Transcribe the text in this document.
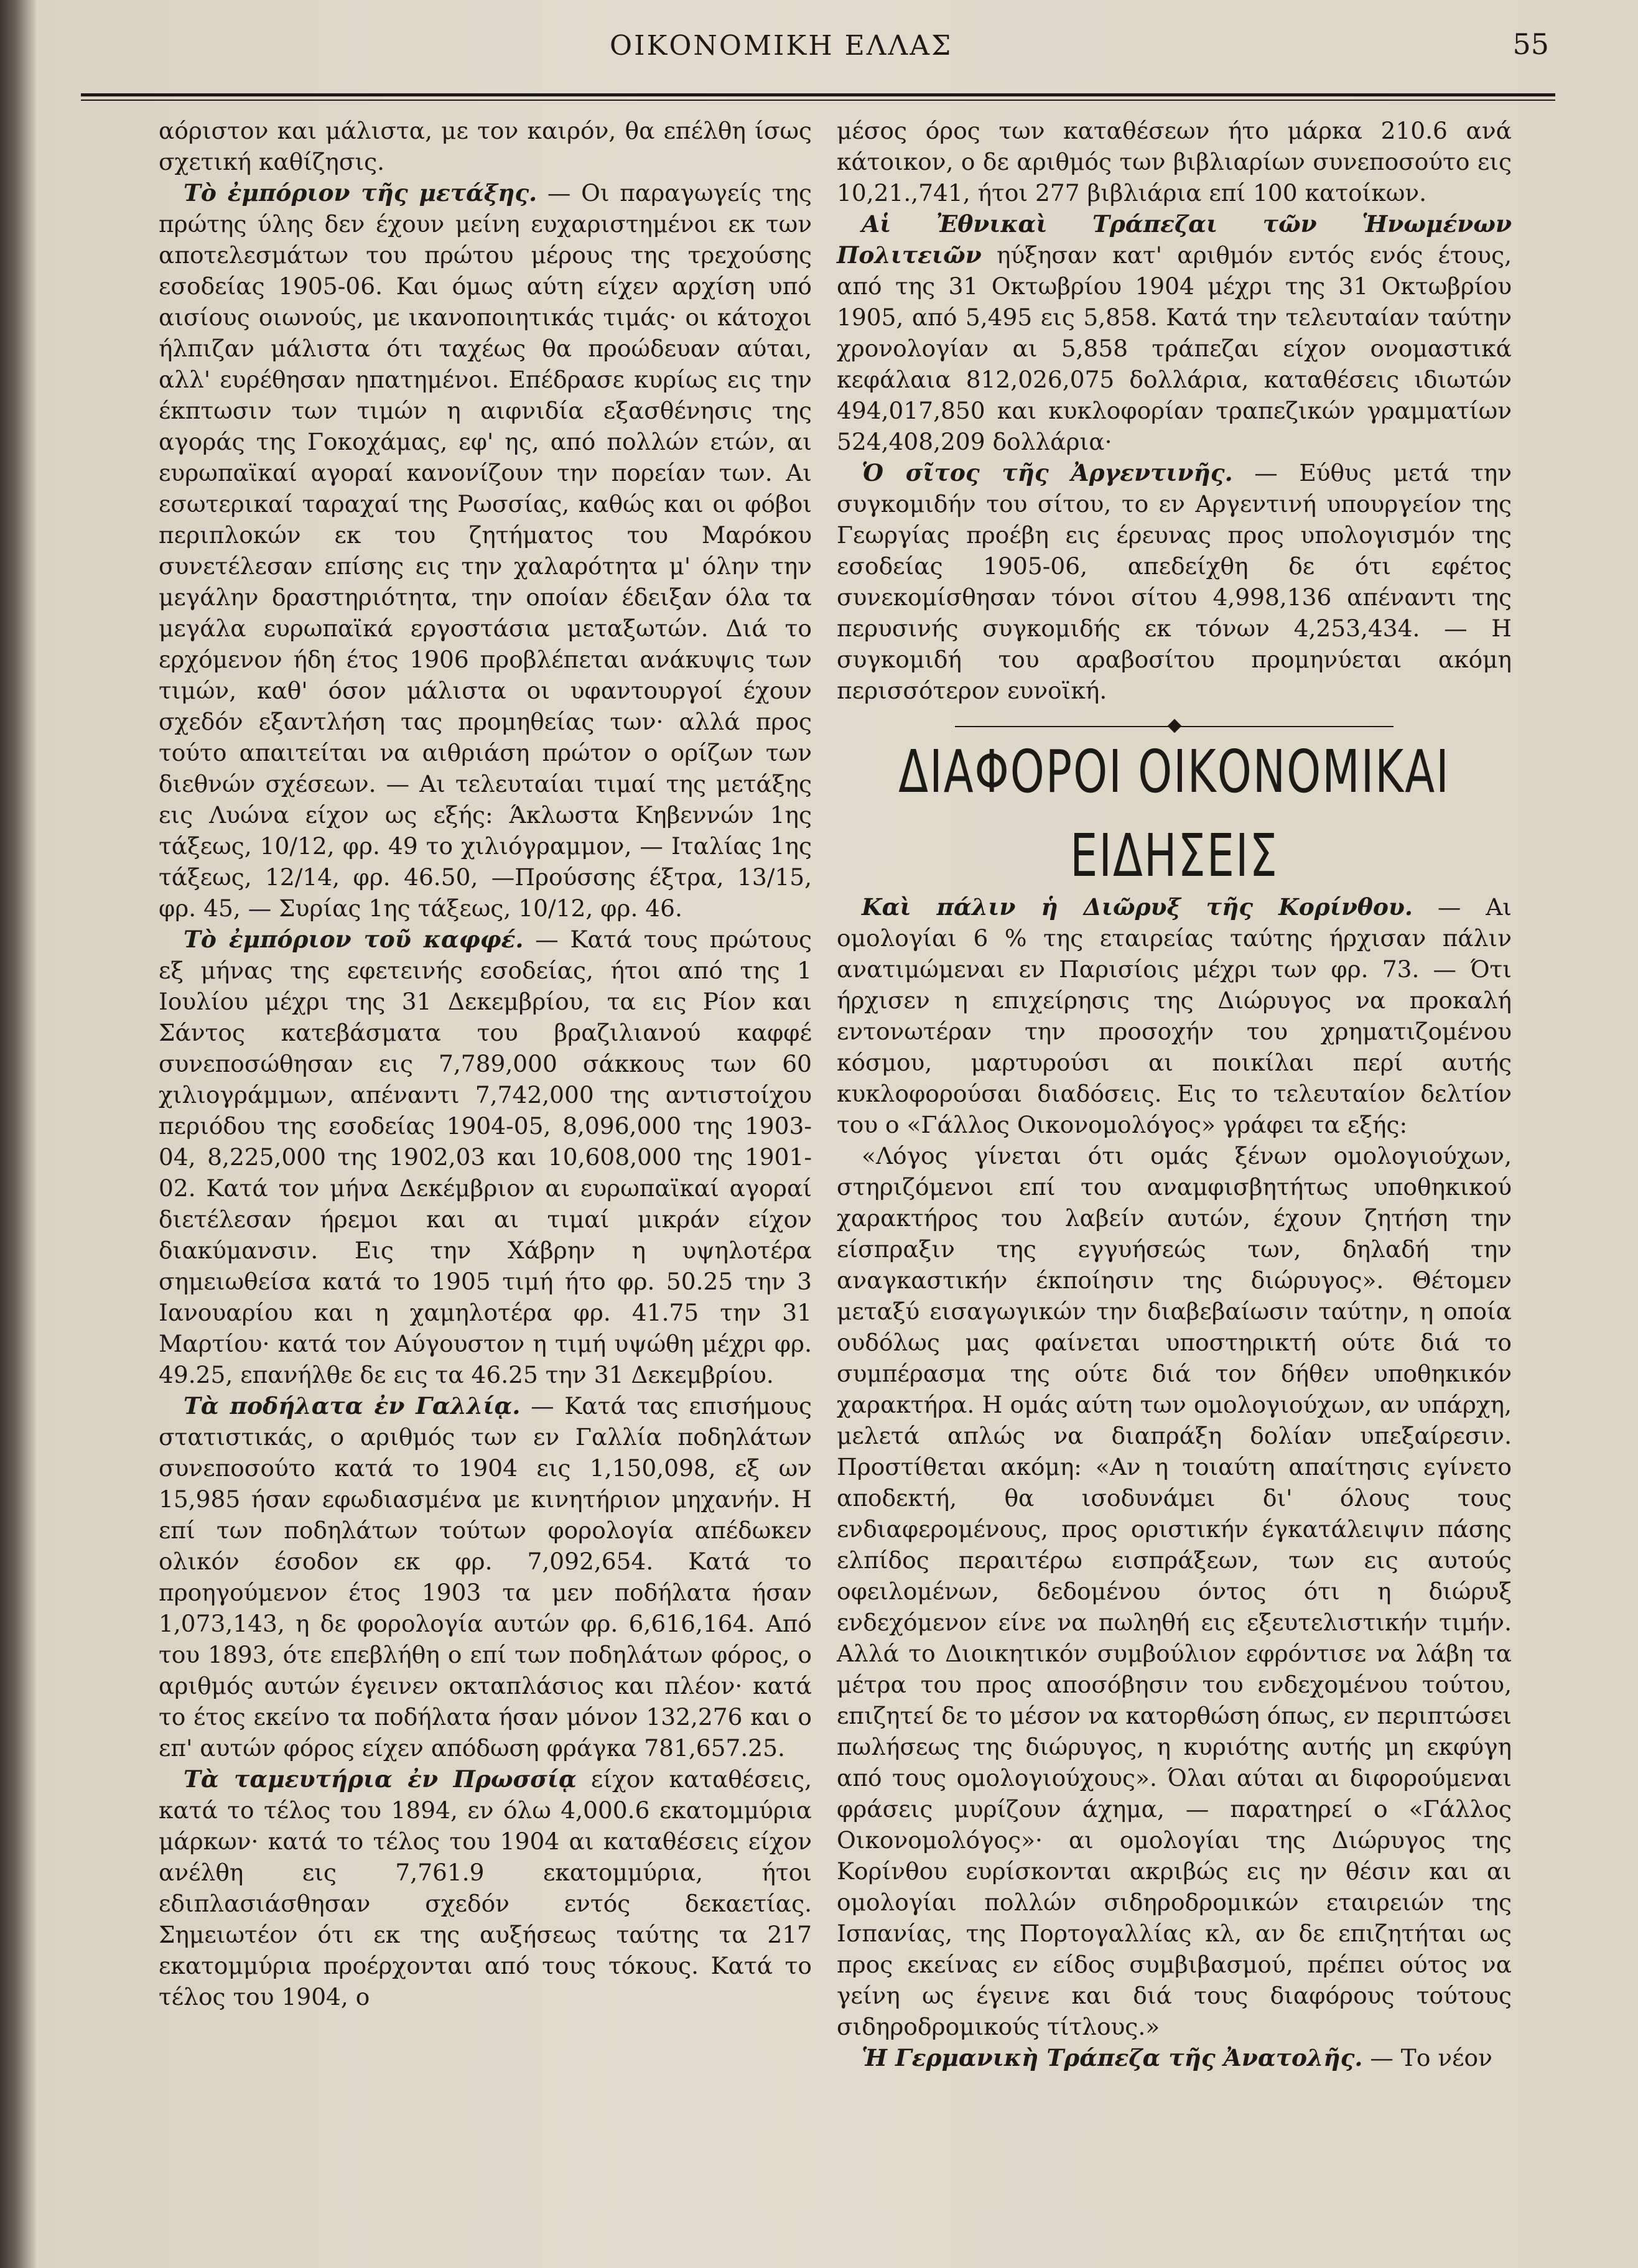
ΟΙΚΟΝΟΜΙΚΗ ΕΛΛΑΣ	55

αόριστον και μάλιστα, με τον καιρόν, θα επέλθη ίσως σχετική καθίζησις.

Τὸ ἐμπόριον τῆς μετάξης. — Οι παραγωγείς της πρώτης ύλης δεν έχουν μείνη ευχαριστημένοι εκ των αποτελεσμάτων του πρώτου μέρους της τρεχούσης εσοδείας 1905-06. Και όμως αύτη είχεν αρχίση υπό αισίους οιωνούς, με ικανοποιητικάς τιμάς· οι κάτοχοι ήλπιζαν μάλιστα ότι ταχέως θα προώδευαν αύται, αλλ' ευρέθησαν ηπατημένοι. Επέδρασε κυρίως εις την έκπτωσιν των τιμών η αιφνιδία εξασθένησις της αγοράς της Γοκοχάμας, εφ' ης, από πολλών ετών, αι ευρωπαϊκαί αγοραί κανονίζουν την πορείαν των. Αι εσωτερικαί ταραχαί της Ρωσσίας, καθώς και οι φόβοι περιπλοκών εκ του ζητήματος του Μαρόκου συνετέλεσαν επίσης εις την χαλαρότητα μ' όλην την μεγάλην δραστηριότητα, την οποίαν έδειξαν όλα τα μεγάλα ευρωπαϊκά εργοστάσια μεταξωτών. Διά το ερχόμενον ήδη έτος 1906 προβλέπεται ανάκυψις των τιμών, καθ' όσον μάλιστα οι υφαντουργοί έχουν σχεδόν εξαντλήση τας προμηθείας των· αλλά προς τούτο απαιτείται να αιθριάση πρώτον ο ορίζων των διεθνών σχέσεων. — Αι τελευταίαι τιμαί της μετάξης εις Λυώνα είχον ως εξής: Άκλωστα Κηβεννών 1ης τάξεως, 10/12, φρ. 49 το χιλιόγραμμον, — Ιταλίας 1ης τάξεως, 12/14, φρ. 46.50, —Προύσσης έξτρα, 13/15, φρ. 45, — Συρίας 1ης τάξεως, 10/12, φρ. 46.

Τὸ ἐμπόριον τοῦ καφφέ. — Κατά τους πρώτους εξ μήνας της εφετεινής εσοδείας, ήτοι από της 1 Ιουλίου μέχρι της 31 Δεκεμβρίου, τα εις Ρίον και Σάντος κατεβάσματα του βραζιλιανού καφφέ συνεποσώθησαν εις 7,789,000 σάκκους των 60 χιλιογράμμων, απέναντι 7,742,000 της αντιστοίχου περιόδου της εσοδείας 1904-05, 8,096,000 της 1903-04, 8,225,000 της 1902,03 και 10,608,000 της 1901-02. Κατά τον μήνα Δεκέμβριον αι ευρωπαϊκαί αγοραί διετέλεσαν ήρεμοι και αι τιμαί μικράν είχον διακύμανσιν. Εις την Χάβρην η υψηλοτέρα σημειωθείσα κατά το 1905 τιμή ήτο φρ. 50.25 την 3 Ιανουαρίου και η χαμηλοτέρα φρ. 41.75 την 31 Μαρτίου· κατά τον Αύγουστον η τιμή υψώθη μέχρι φρ. 49.25, επανήλθε δε εις τα 46.25 την 31 Δεκεμβρίου.

Τὰ ποδήλατα ἐν Γαλλίᾳ. — Κατά τας επισήμους στατιστικάς, ο αριθμός των εν Γαλλία ποδηλάτων συνεποσούτο κατά το 1904 εις 1,150,098, εξ ων 15,985 ήσαν εφωδιασμένα με κινητήριον μηχανήν. Η επί των ποδηλάτων τούτων φορολογία απέδωκεν ολικόν έσοδον εκ φρ. 7,092,654. Κατά το προηγούμενον έτος 1903 τα μεν ποδήλατα ήσαν 1,073,143, η δε φορολογία αυτών φρ. 6,616,164. Από του 1893, ότε επεβλήθη ο επί των ποδηλάτων φόρος, ο αριθμός αυτών έγεινεν οκταπλάσιος και πλέον· κατά το έτος εκείνο τα ποδήλατα ήσαν μόνον 132,276 και ο επ' αυτών φόρος είχεν απόδωση φράγκα 781,657.25.

Τὰ ταμευτήρια ἐν Πρωσσίᾳ είχον καταθέσεις, κατά το τέλος του 1894, εν όλω 4,000.6 εκατομμύρια μάρκων· κατά το τέλος του 1904 αι καταθέσεις είχον ανέλθη εις 7,761.9 εκατομμύρια, ήτοι εδιπλασιάσθησαν σχεδόν εντός δεκαετίας. Σημειωτέον ότι εκ της αυξήσεως ταύτης τα 217 εκατομμύρια προέρχονται από τους τόκους. Κατά το τέλος του 1904, ο

μέσος όρος των καταθέσεων ήτο μάρκα 210.6 ανά κάτοικον, ο δε αριθμός των βιβλιαρίων συνεποσούτο εις 10,21.,741, ήτοι 277 βιβλιάρια επί 100 κατοίκων.

Αἱ Ἐθνικαὶ Τράπεζαι τῶν Ἡνωμένων Πολιτειῶν ηύξησαν κατ' αριθμόν εντός ενός έτους, από της 31 Οκτωβρίου 1904 μέχρι της 31 Οκτωβρίου 1905, από 5,495 εις 5,858. Κατά την τελευταίαν ταύτην χρονολογίαν αι 5,858 τράπεζαι είχον ονομαστικά κεφάλαια 812,026,075 δολλάρια, καταθέσεις ιδιωτών 494,017,850 και κυκλοφορίαν τραπεζικών γραμματίων 524,408,209 δολλάρια·

Ὁ σῖτος τῆς Ἀργεντινῆς. — Εύθυς μετά την συγκομιδήν του σίτου, το εν Αργεντινή υπουργείον της Γεωργίας προέβη εις έρευνας προς υπολογισμόν της εσοδείας 1905-06, απεδείχθη δε ότι εφέτος συνεκομίσθησαν τόνοι σίτου 4,998,136 απέναντι της περυσινής συγκομιδής εκ τόνων 4,253,434. — Η συγκομιδή του αραβοσίτου προμηνύεται ακόμη περισσότερον ευνοϊκή.

ΔΙΑΦΟΡΟΙ ΟΙΚΟΝΟΜΙΚΑΙ ΕΙΔΗΣΕΙΣ

Καὶ πάλιν ἡ Διῶρυξ τῆς Κορίνθου. — Αι ομολογίαι 6 % της εταιρείας ταύτης ήρχισαν πάλιν ανατιμώμεναι εν Παρισίοις μέχρι των φρ. 73. — Ότι ήρχισεν η επιχείρησις της Διώρυγος να προκαλή εντονωτέραν την προσοχήν του χρηματιζομένου κόσμου, μαρτυρούσι αι ποικίλαι περί αυτής κυκλοφορούσαι διαδόσεις. Εις το τελευταίον δελτίον του ο «Γάλλος Οικονομολόγος» γράφει τα εξής:

«Λόγος γίνεται ότι ομάς ξένων ομολογιούχων, στηριζόμενοι επί του αναμφισβητήτως υποθηκικού χαρακτήρος του λαβείν αυτών, έχουν ζητήση την είσπραξιν της εγγυήσεώς των, δηλαδή την αναγκαστικήν έκποίησιν της διώρυγος». Θέτομεν μεταξύ εισαγωγικών την διαβεβαίωσιν ταύτην, η οποία ουδόλως μας φαίνεται υποστηρικτή ούτε διά το συμπέρασμα της ούτε διά τον δήθεν υποθηκικόν χαρακτήρα. Η ομάς αύτη των ομολογιούχων, αν υπάρχη, μελετά απλώς να διαπράξη δολίαν υπεξαίρεσιν. Προστίθεται ακόμη: «Αν η τοιαύτη απαίτησις εγίνετο αποδεκτή, θα ισοδυνάμει δι' όλους τους ενδιαφερομένους, προς οριστικήν έγκατάλειψιν πάσης ελπίδος περαιτέρω εισπράξεων, των εις αυτούς οφειλομένων, δεδομένου όντος ότι η διώρυξ ενδεχόμενον είνε να πωληθή εις εξευτελιστικήν τιμήν. Αλλά το Διοικητικόν συμβούλιον εφρόντισε να λάβη τα μέτρα του προς αποσόβησιν του ενδεχομένου τούτου, επιζητεί δε το μέσον να κατορθώση όπως, εν περιπτώσει πωλήσεως της διώρυγος, η κυριότης αυτής μη εκφύγη από τους ομολογιούχους». Όλαι αύται αι διφορούμεναι φράσεις μυρίζουν άχημα, — παρατηρεί ο «Γάλλος Οικονομολόγος»· αι ομολογίαι της Διώρυγος της Κορίνθου ευρίσκονται ακριβώς εις ην θέσιν και αι ομολογίαι πολλών σιδηροδρομικών εταιρειών της Ισπανίας, της Πορτογαλλίας κλ, αν δε επιζητήται ως προς εκείνας εν είδος συμβιβασμού, πρέπει ούτος να γείνη ως έγεινε και διά τους διαφόρους τούτους σιδηροδρομικούς τίτλους.»

Ἡ Γερμανικὴ Τράπεζα τῆς Ἀνατολῆς. — Το νέον
